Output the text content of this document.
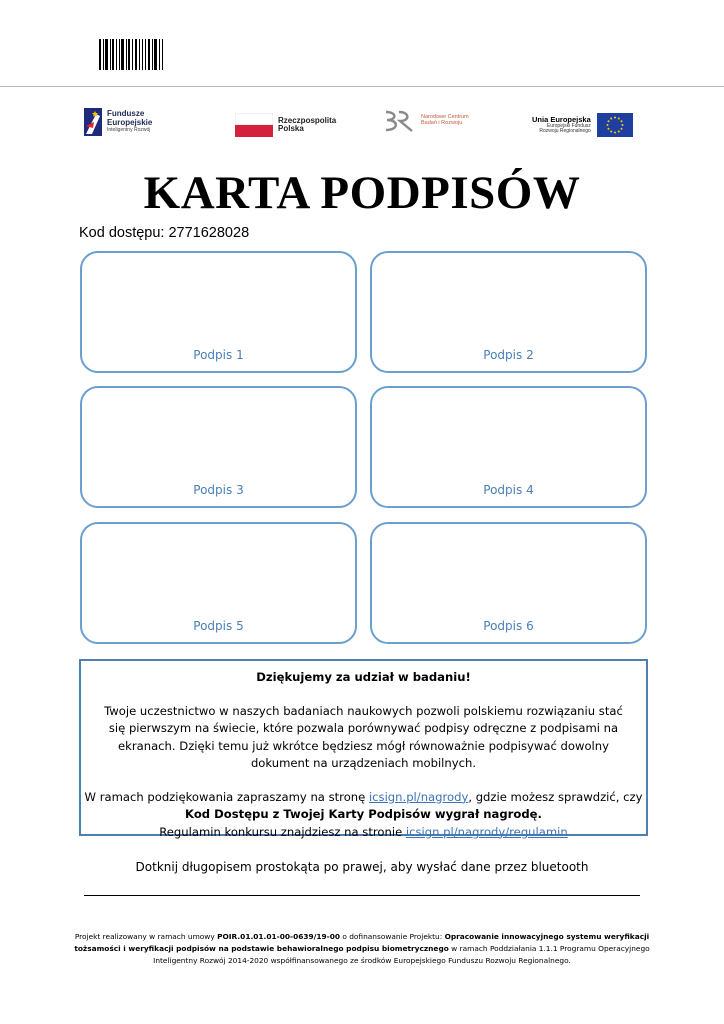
Fundusze
Europejskie
Inteligentny Rozwój
Rzeczpospolita
Polska
Narodowe Centrum
Badań i Rozwoju	Unia Europejska
Europejski Fundusz
Rozwoju Regionalnego
KARTA PODPISÓW
Kod dostępu: 2771628028
Podpis 1	Podpis 2
Podpis 3	Podpis 4
Podpis 5	Podpis 6

Dziękujemy za udział w badaniu!

Twoje uczestnictwo w naszych badaniach naukowych pozwoli polskiemu rozwiązaniu stać się pierwszym na świecie, które pozwala porównywać podpisy odręczne z podpisami na ekranach. Dzięki temu już wkrótce będziesz mógł równoważnie podpisywać dowolny dokument na urządzeniach mobilnych.

W ramach podziękowania zapraszamy na stronę icsign.pl/nagrody, gdzie możesz sprawdzić, czy

Kod Dostępu z Twojej Karty Podpisów wygrał nagrodę.

Regulamin konkursu znajdziesz na stronie icsign.pl/nagrody/regulamin

Dotknij długopisem prostokąta po prawej, aby wysłać dane przez bluetooth
Projekt realizowany w ramach umowy POIR.01.01.01-00-0639/19-00 o dofinansowanie Projektu: Opracowanie innowacyjnego systemu weryfikacji tożsamości i weryfikacji podpisów na podstawie behawioralnego podpisu biometrycznego w ramach Poddziałania 1.1.1 Programu Operacyjnego Inteligentny Rozwój 2014-2020 współfinansowanego ze środków Europejskiego Funduszu Rozwoju Regionalnego.
